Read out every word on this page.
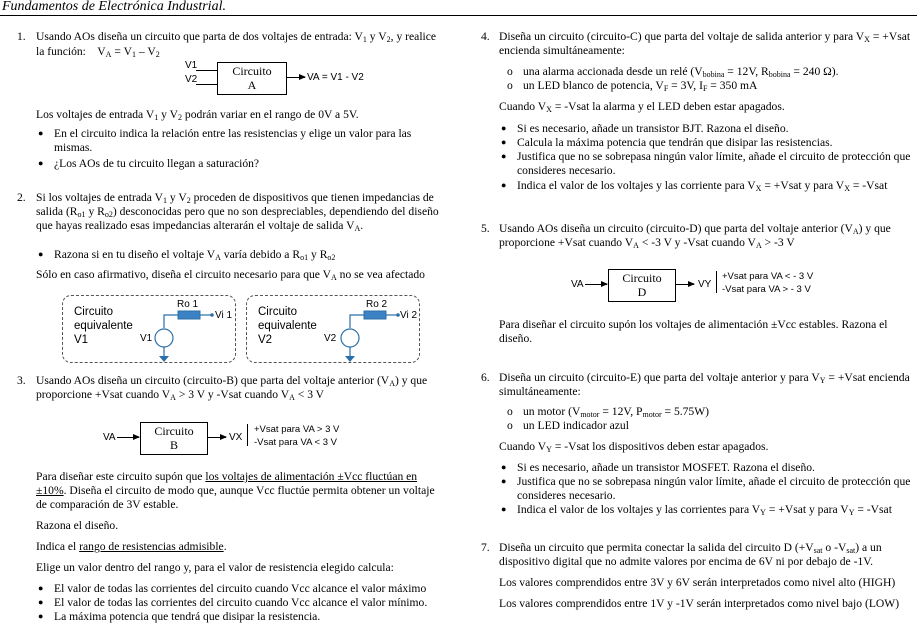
Fundamentos de Electrónica Industrial.
1. Usando AOs diseña un circuito que parta de dos voltajes de entrada: $V_1$ y $V_2$, y realice
la función: $V_A = V_1 - V_2$
V1
V2
Circuito
A
VA = V1 - V2
Los voltajes de entrada $V_1$ y $V_2$ podrán variar en el rango de 0V a 5V.
● En el circuito indica la relación entre las resistencias y elige un valor para las
mismas.
● ¿Los AOs de tu circuito llegan a saturación?
2. Si los voltajes de entrada $V_1$ y $V_2$ proceden de dispositivos que tienen impedancias de
salida ($R_{o1}$ y $R_{o2}$) desconocidas pero que no son despreciables, dependiendo del diseño
que hayas realizado esas impedancias alterarán el voltaje de salida $V_A$.
● Razona si en tu diseño el voltaje $V_A$ varía debido a $R_{o1}$ y $R_{o2}$
Sólo en caso afirmativo, diseña el circuito necesario para que $V_A$ no se vea afectado
Circuito
equivalente
V1
Ro 1
V1
Vi 1 Circuito
equivalente
V2
Ro 2
V2
Vi 2
3. Usando AOs diseña un circuito (circuito-B) que parta del voltaje anterior $(V_A)$ y que
proporcione +Vsat cuando $V_A > 3$ V y -Vsat cuando $V_A < 3$ V
VA	Circuito
B
VX
+Vsat para VA > 3 V
-Vsat para VA < 3 V
Para diseñar este circuito supón que los voltajes de alimentación ±Vcc fluctúan en
±10%. Diseña el circuito de modo que, aunque Vcc fluctúe permita obtener un voltaje
de comparación de 3V estable.
Razona el diseño.
Indica el rango de resistencias admisible.
Elige un valor dentro del rango y, para el valor de resistencia elegido calcula:
● El valor de todas las corrientes del circuito cuando Vcc alcance el valor máximo
● El valor de todas las corrientes del circuito cuando Vcc alcance el valor mínimo.
● La máxima potencia que tendrá que disipar la resistencia.
4. Diseña un circuito (circuito-C) que parta del voltaje de salida anterior y para $V_X$ = +Vsat
encienda simultáneamente:
o una alarma accionada desde un relé ($V_{bobina} = 12V$, $R_{bobina} = 240$ Ω).
o un LED blanco de potencia, $V_F = 3V$, $I_F = 350$ mA
Cuando $V_X$ = -Vsat la alarma y el LED deben estar apagados.
● Si es necesario, añade un transistor BJT. Razona el diseño.
● Calcula la máxima potencia que tendrán que disipar las resistencias.
● Justifica que no se sobrepasa ningún valor límite, añade el circuito de protección que
consideres necesario.
● Indica el valor de los voltajes y las corriente para $V_X$ = +Vsat y para $V_X$ = -Vsat
5. Usando AOs diseña un circuito (circuito-D) que parta del voltaje anterior $(V_A)$ y que
proporcione +Vsat cuando $V_A < -3$ V y -Vsat cuando $V_A > -3$ V
VA	Circuito
D
VY
+Vsat para VA < - 3 V
-Vsat para VA > - 3 V
Para diseñar el circuito supón los voltajes de alimentación ±Vcc estables. Razona el
diseño.
6. Diseña un circuito (circuito-E) que parta del voltaje anterior y para $V_Y$ = +Vsat encienda
simultáneamente:
o un motor ($V_{motor} = 12V$, $P_{motor} = 5.75W$)
o un LED indicador azul
Cuando $V_Y$ = -Vsat los dispositivos deben estar apagados.
● Si es necesario, añade un transistor MOSFET. Razona el diseño.
● Justifica que no se sobrepasa ningún valor límite, añade el circuito de protección que
consideres necesario.
● Indica el valor de los voltajes y las corrientes para $V_Y$ = +Vsat y para $V_Y$ = -Vsat
7. Diseña un circuito que permita conectar la salida del circuito D ($+V_{sat}$ o $-V_{sat}$) a un
dispositivo digital que no admite valores por encima de 6V ni por debajo de -1V.
Los valores comprendidos entre 3V y 6V serán interpretados como nivel alto (HIGH)
Los valores comprendidos entre 1V y -1V serán interpretados como nivel bajo (LOW)
